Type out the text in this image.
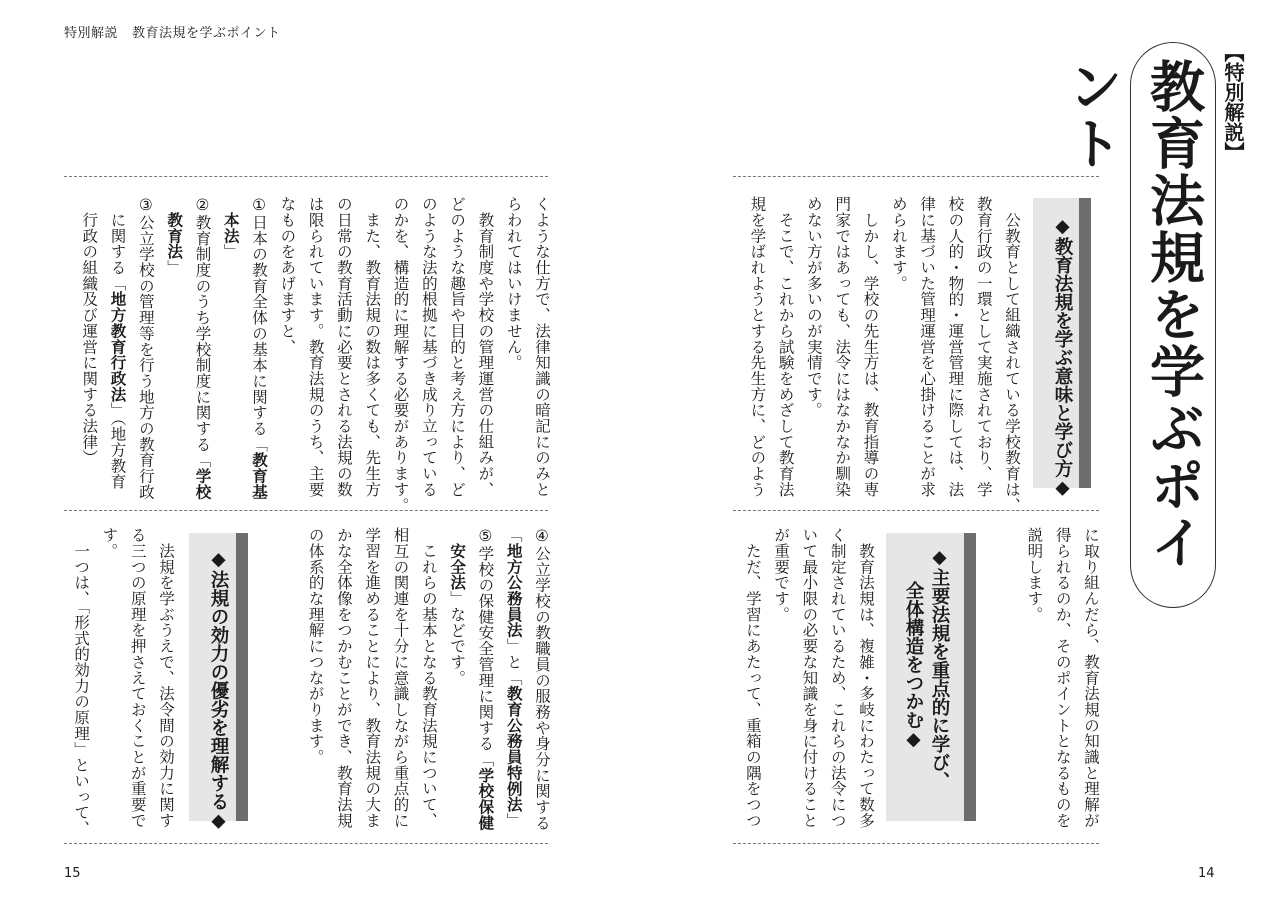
特別解説 教育法規を学ぶポイント
教育法規を学ぶポイント	【特別解説】
◆教育法規を学ぶ意味と学び方◆

　公教育として組織されている学校教育は、

教育行政の一環として実施されており、学

校の人的・物的・運営管理に際しては、法

律に基づいた管理運営を心掛けることが求

められます。

　しかし、学校の先生方は、教育指導の専

門家ではあっても、法令にはなかなか馴染

めない方が多いのが実情です。

　そこで、これから試験をめざして教育法

規を学ばれようとする先生方に、どのよう

に取り組んだら、教育法規の知識と理解が

得られるのか、そのポイントとなるものを

説明します。

◆主要法規を重点的に学び、
全体構造をつかむ◆

　教育法規は、複雑・多岐にわたって数多

く制定されているため、これらの法令につ

いて最小限の必要な知識を身に付けること

が重要です。

　ただ、学習にあたって、重箱の隅をつつ

くような仕方で、法律知識の暗記にのみと

らわれてはいけません。

　教育制度や学校の管理運営の仕組みが、

どのような趣旨や目的と考え方により、ど

のような法的根拠に基づき成り立っている

のかを、構造的に理解する必要があります。

　また、教育法規の数は多くても、先生方

の日常の教育活動に必要とされる法規の数

は限られています。教育法規のうち、主要

なものをあげますと、

①日本の教育全体の基本に関する「教育基

　本法」

②教育制度のうち学校制度に関する「学校

　教育法」

③公立学校の管理等を行う地方の教育行政

　に関する「地方教育行政法」（地方教育

　行政の組織及び運営に関する法律）

④公立学校の教職員の服務や身分に関する

「地方公務員法」と「教育公務員特例法」

⑤学校の保健安全管理に関する「学校保健

　安全法」などです。

　これらの基本となる教育法規について、

相互の関連を十分に意識しながら重点的に

学習を進めることにより、教育法規の大ま

かな全体像をつかむことができ、教育法規

の体系的な理解につながります。

◆法規の効力の優劣を理解する◆

　法規を学ぶうえで、法令間の効力に関す

る三つの原理を押さえておくことが重要で

す。

　一つは、「形式的効力の原理」といって、

15	14
